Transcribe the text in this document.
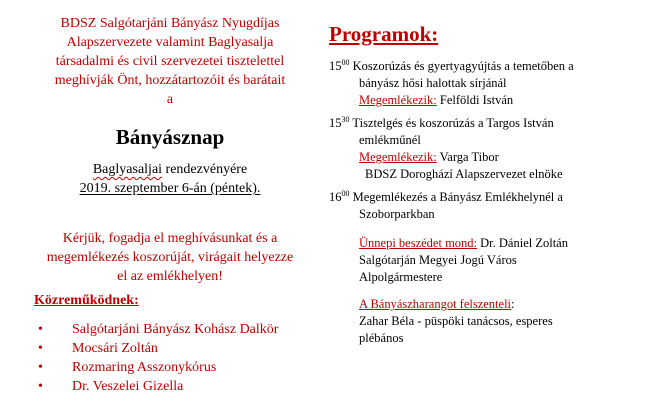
BDSZ Salgótarjáni Bányász Nyugdíjas
Alapszervezete valamint Baglyasalja
társadalmi és civil szervezetei tisztelettel
meghívják Önt, hozzátartozóit és barátait
a
Bányásznap
Baglyasaljai rendezvényére
2019. szeptember 6-án (péntek).
Kérjük, fogadja el meghívásunkat és a
megemlékezés koszorúját, virágait helyezze
el az emlékhelyen!
Közreműködnek:
• Salgótarjáni Bányász Kohász Dalkör
• Mocsári Zoltán
• Rozmaring Asszonykórus
• Dr. Veszelei Gizella
Programok:
$15^{00}$ Koszorúzás és gyertyagyújtás a temetőben a
bányász hősi halottak sírjánál
Megemlékezik: Felföldi István
$15^{30}$ Tisztelgés és koszorúzás a Targos István
emlékműnél
Megemlékezik: Varga Tibor
BDSZ Doroghází Alapszervezet elnöke
$16^{00}$ Megemlékezés a Bányász Emlékhelynél a
Szoborparkban
Ünnepi beszédet mond: Dr. Dániel Zoltán
Salgótarján Megyei Jogú Város
Alpolgármestere
A Bányászharangot felszenteli:
Zahar Béla - püspöki tanácsos, esperes
plébános
